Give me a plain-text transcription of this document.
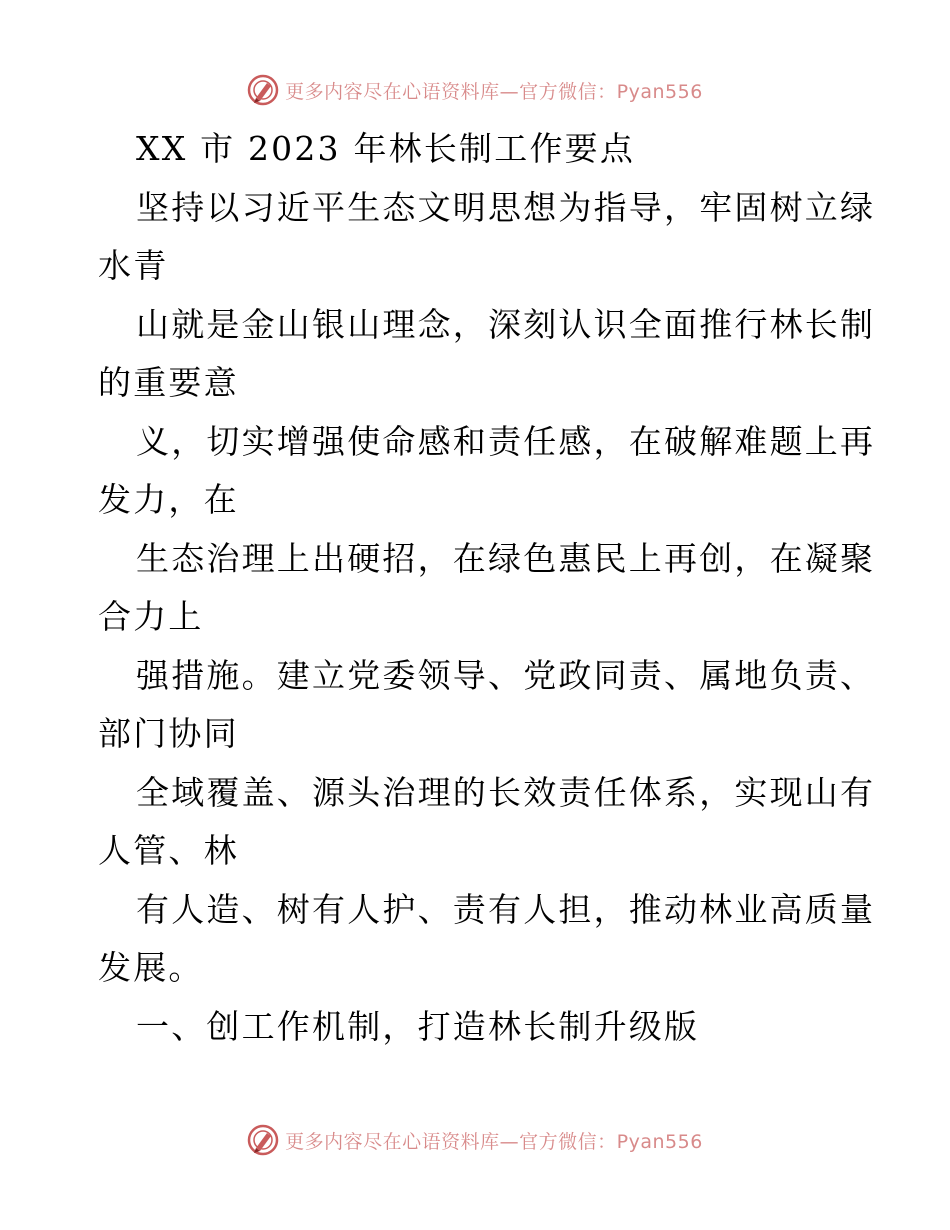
更多内容尽在心语资料库—官方微信：Pyan556
XX 市 2023 年林长制工作要点
坚持以习近平生态文明思想为指导，牢固树立绿
水青
山就是金山银山理念，深刻认识全面推行林长制
的重要意
义，切实增强使命感和责任感，在破解难题上再
发力，在
生态治理上出硬招，在绿色惠民上再创，在凝聚
合力上
强措施。建立党委领导、党政同责、属地负责、
部门协同
全域覆盖、源头治理的长效责任体系，实现山有
人管、林
有人造、树有人护、责有人担，推动林业高质量
发展。
一、创工作机制，打造林长制升级版
更多内容尽在心语资料库—官方微信：Pyan556
